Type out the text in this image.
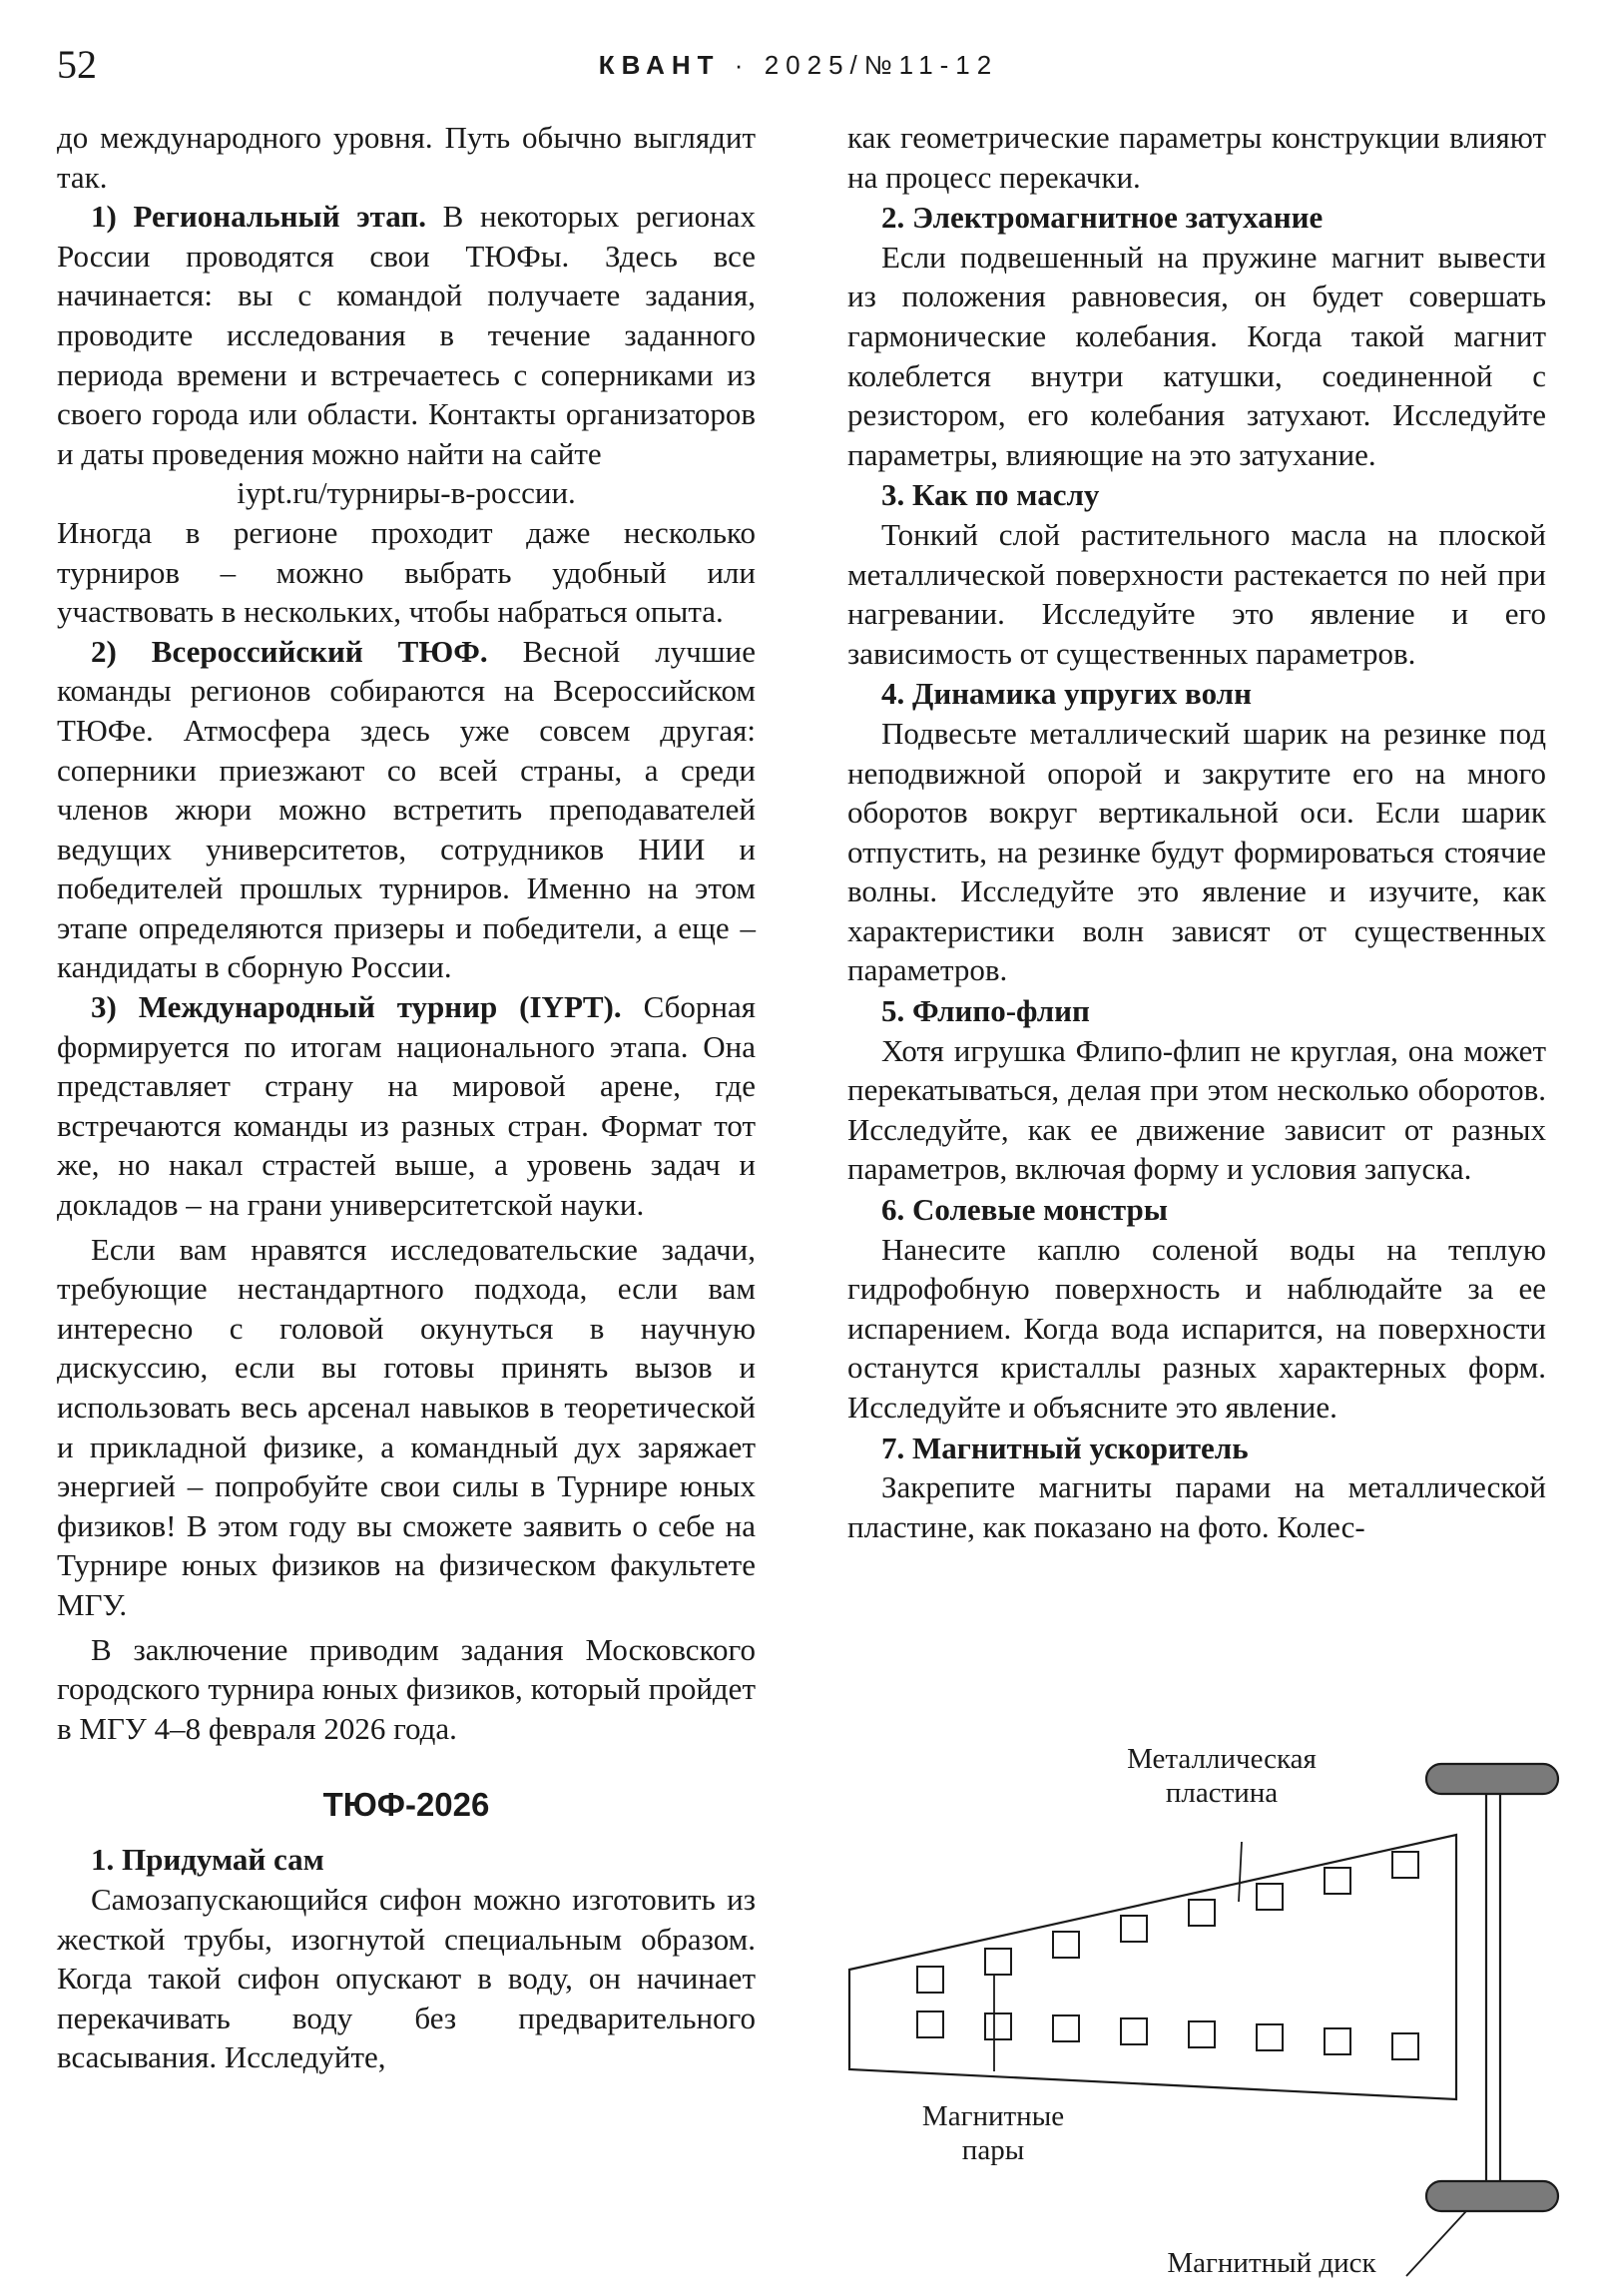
52	КВАНТ · 2025/№11-12

до международного уровня. Путь обычно выглядит так.

1) Региональный этап. В некоторых регионах России проводятся свои ТЮФы. Здесь все начинается: вы с командой получаете задания, проводите исследования в течение заданного периода времени и встречаетесь с соперниками из своего города или области. Контакты организаторов и даты проведения можно найти на сайте

iypt.ru/турниры-в-россии.

Иногда в регионе проходит даже несколько турниров – можно выбрать удобный или участвовать в нескольких, чтобы набраться опыта.

2) Всероссийский ТЮФ. Весной лучшие команды регионов собираются на Всероссийском ТЮФе. Атмосфера здесь уже совсем другая: соперники приезжают со всей страны, а среди членов жюри можно встретить преподавателей ведущих университетов, сотрудников НИИ и победителей прошлых турниров. Именно на этом этапе определяются призеры и победители, а еще – кандидаты в сборную России.

3) Международный турнир (IYPT). Сборная формируется по итогам национального этапа. Она представляет страну на мировой арене, где встречаются команды из разных стран. Формат тот же, но накал страстей выше, а уровень задач и докладов – на грани университетской науки.

Если вам нравятся исследовательские задачи, требующие нестандартного подхода, если вам интересно с головой окунуться в научную дискуссию, если вы готовы принять вызов и использовать весь арсенал навыков в теоретической и прикладной физике, а командный дух заряжает энергией – попробуйте свои силы в Турнире юных физиков! В этом году вы сможете заявить о себе на Турнире юных физиков на физическом факультете МГУ.

В заключение приводим задания Московского городского турнира юных физиков, который пройдет в МГУ 4–8 февраля 2026 года.

ТЮФ-2026

1. Придумай сам

Самозапускающийся сифон можно изготовить из жесткой трубы, изогнутой специальным образом. Когда такой сифон опускают в воду, он начинает перекачивать воду без предварительного всасывания. Исследуйте,

как геометрические параметры конструкции влияют на процесс перекачки.

2. Электромагнитное затухание

Если подвешенный на пружине магнит вывести из положения равновесия, он будет совершать гармонические колебания. Когда такой магнит колеблется внутри катушки, соединенной с резистором, его колебания затухают. Исследуйте параметры, влияющие на это затухание.

3. Как по маслу

Тонкий слой растительного масла на плоской металлической поверхности растекается по ней при нагревании. Исследуйте это явление и его зависимость от существенных параметров.

4. Динамика упругих волн

Подвесьте металлический шарик на резинке под неподвижной опорой и закрутите его на много оборотов вокруг вертикальной оси. Если шарик отпустить, на резинке будут формироваться стоячие волны. Исследуйте это явление и изучите, как характеристики волн зависят от существенных параметров.

5. Флипо-флип

Хотя игрушка Флипо-флип не круглая, она может перекатываться, делая при этом несколько оборотов. Исследуйте, как ее движение зависит от разных параметров, включая форму и условия запуска.

6. Солевые монстры

Нанесите каплю соленой воды на теплую гидрофобную поверхность и наблюдайте за ее испарением. Когда вода испарится, на поверхности останутся кристаллы разных характерных форм. Исследуйте и объясните это явление.

7. Магнитный ускоритель

Закрепите магниты парами на металлической пластине, как показано на фото. Колес-

Металлическая пластина
Магнитные пары
Магнитный диск
